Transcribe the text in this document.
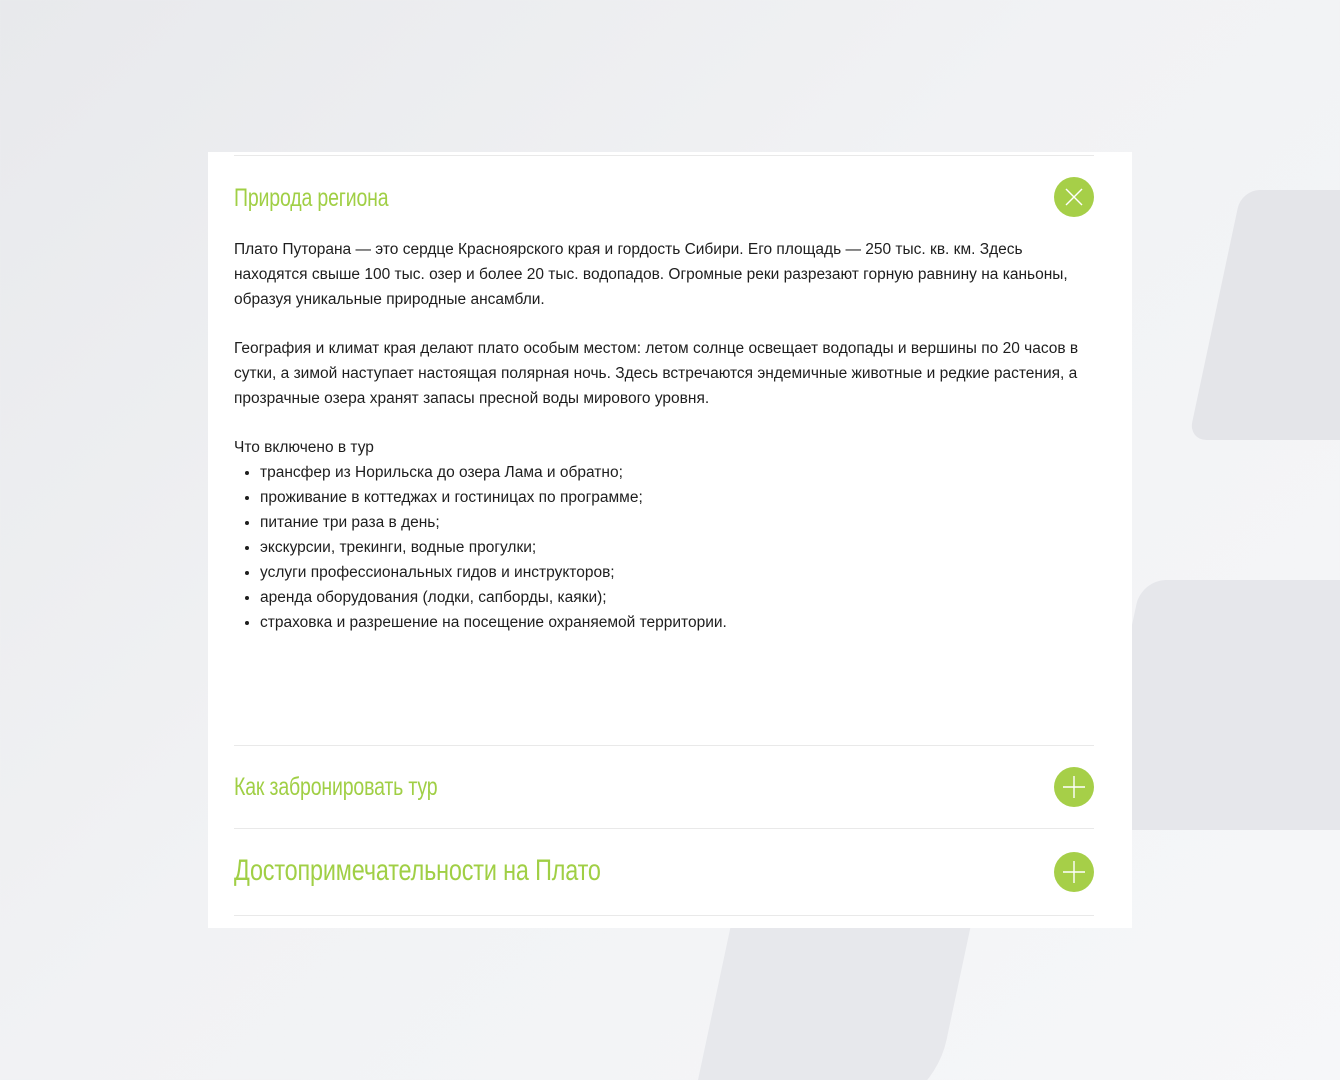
Природа региона

Плато Путорана — это сердце Красноярского края и гордость Сибири. Его площадь — 250 тыс. кв. км. Здесь находятся свыше 100 тыс. озер и более 20 тыс. водопадов. Огромные реки разрезают горную равнину на каньоны, образуя уникальные природные ансамбли.

География и климат края делают плато особым местом: летом солнце освещает водопады и вершины по 20 часов в сутки, а зимой наступает настоящая полярная ночь. Здесь встречаются эндемичные животные и редкие растения, а прозрачные озера хранят запасы пресной воды мирового уровня.

Что включено в тур

• трансфер из Норильска до озера Лама и обратно;
• проживание в коттеджах и гостиницах по программе;
• питание три раза в день;
• экскурсии, трекинги, водные прогулки;
• услуги профессиональных гидов и инструкторов;
• аренда оборудования (лодки, сапборды, каяки);
• страховка и разрешение на посещение охраняемой территории.
Как забронировать тур
Достопримечательности на Плато
